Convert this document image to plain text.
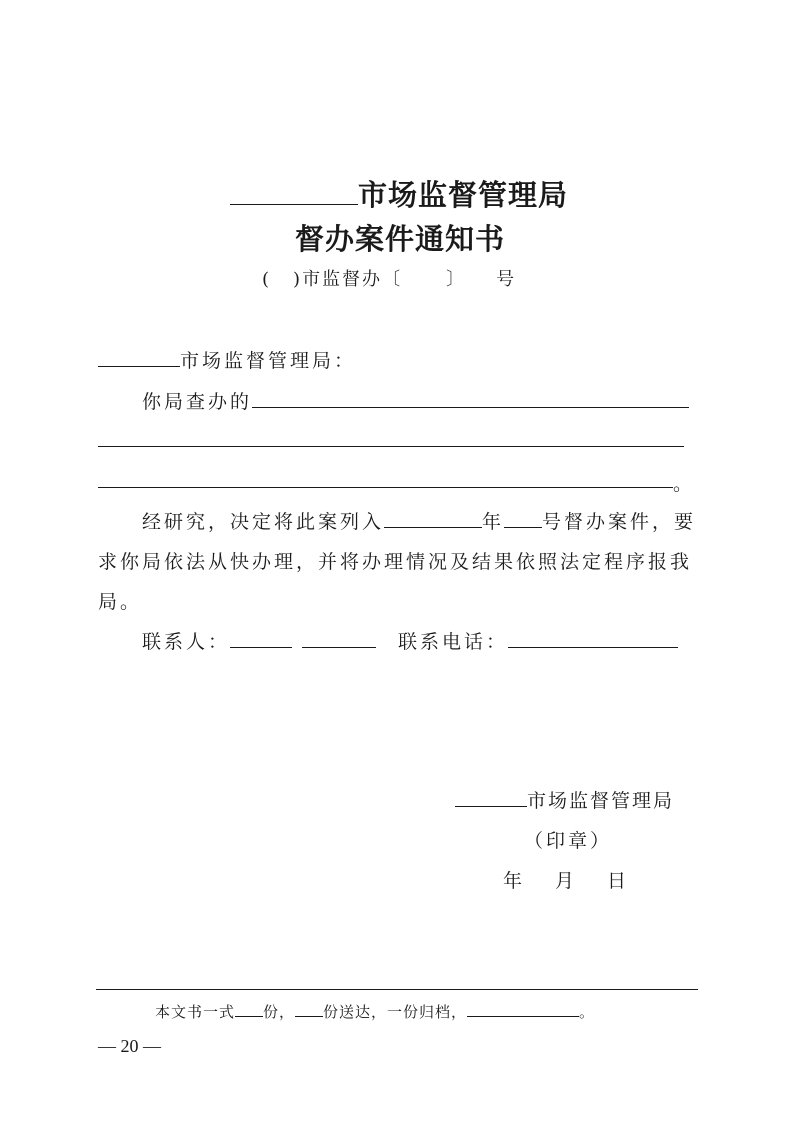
市场监督管理局
督办案件通知书
( )市监督办〔 〕 号
市场监督管理局：
你局查办的
。
经研究，决定将此案列入	年 号督办案件，要
求你局依法从快办理，并将办理情况及结果依照法定程序报我
局。
联系人：	联系电话：
市场监督管理局
（印章）
年 月 日
本文书一式 份， 份送达，一份归档，	。
— 20 —
